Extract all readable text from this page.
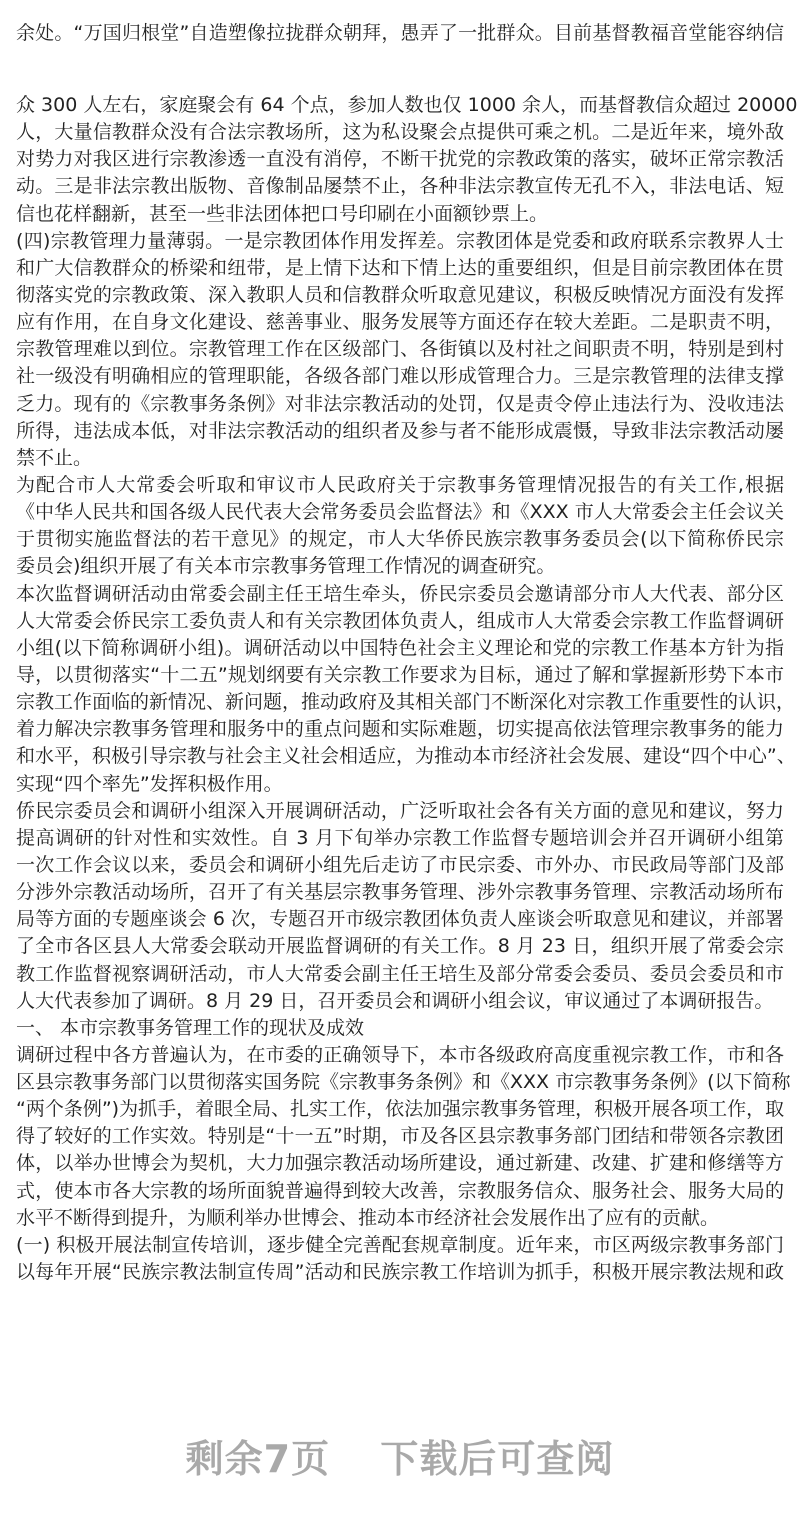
余处。“万国归根堂”自造塑像拉拢群众朝拜，愚弄了一批群众。目前基督教福音堂能容纳信
众 300 人左右，家庭聚会有 64 个点，参加人数也仅 1000 余人，而基督教信众超过 20000
人，大量信教群众没有合法宗教场所，这为私设聚会点提供可乘之机。二是近年来，境外敌
对势力对我区进行宗教渗透一直没有消停，不断干扰党的宗教政策的落实，破坏正常宗教活
动。三是非法宗教出版物、音像制品屡禁不止，各种非法宗教宣传无孔不入，非法电话、短
信也花样翻新，甚至一些非法团体把口号印刷在小面额钞票上。
(四)宗教管理力量薄弱。一是宗教团体作用发挥差。宗教团体是党委和政府联系宗教界人士
和广大信教群众的桥梁和纽带，是上情下达和下情上达的重要组织，但是目前宗教团体在贯
彻落实党的宗教政策、深入教职人员和信教群众听取意见建议，积极反映情况方面没有发挥
应有作用，在自身文化建设、慈善事业、服务发展等方面还存在较大差距。二是职责不明，
宗教管理难以到位。宗教管理工作在区级部门、各街镇以及村社之间职责不明，特别是到村
社一级没有明确相应的管理职能，各级各部门难以形成管理合力。三是宗教管理的法律支撑
乏力。现有的《宗教事务条例》对非法宗教活动的处罚，仅是责令停止违法行为、没收违法
所得，违法成本低，对非法宗教活动的组织者及参与者不能形成震慑，导致非法宗教活动屡
禁不止。
为配合市人大常委会听取和审议市人民政府关于宗教事务管理情况报告的有关工作,根据
《中华人民共和国各级人民代表大会常务委员会监督法》和《XXX 市人大常委会主任会议关
于贯彻实施监督法的若干意见》的规定，市人大华侨民族宗教事务委员会(以下简称侨民宗
委员会)组织开展了有关本市宗教事务管理工作情况的调查研究。
本次监督调研活动由常委会副主任王培生牵头，侨民宗委员会邀请部分市人大代表、部分区
人大常委会侨民宗工委负责人和有关宗教团体负责人，组成市人大常委会宗教工作监督调研
小组(以下简称调研小组)。调研活动以中国特色社会主义理论和党的宗教工作基本方针为指
导，以贯彻落实“十二五”规划纲要有关宗教工作要求为目标，通过了解和掌握新形势下本市
宗教工作面临的新情况、新问题，推动政府及其相关部门不断深化对宗教工作重要性的认识，
着力解决宗教事务管理和服务中的重点问题和实际难题，切实提高依法管理宗教事务的能力
和水平，积极引导宗教与社会主义社会相适应，为推动本市经济社会发展、建设“四个中心”、
实现“四个率先”发挥积极作用。
侨民宗委员会和调研小组深入开展调研活动，广泛听取社会各有关方面的意见和建议，努力
提高调研的针对性和实效性。自 3 月下旬举办宗教工作监督专题培训会并召开调研小组第
一次工作会议以来，委员会和调研小组先后走访了市民宗委、市外办、市民政局等部门及部
分涉外宗教活动场所，召开了有关基层宗教事务管理、涉外宗教事务管理、宗教活动场所布
局等方面的专题座谈会 6 次，专题召开市级宗教团体负责人座谈会听取意见和建议，并部署
了全市各区县人大常委会联动开展监督调研的有关工作。8 月 23 日，组织开展了常委会宗
教工作监督视察调研活动，市人大常委会副主任王培生及部分常委会委员、委员会委员和市
人大代表参加了调研。8 月 29 日，召开委员会和调研小组会议，审议通过了本调研报告。
一、 本市宗教事务管理工作的现状及成效
调研过程中各方普遍认为，在市委的正确领导下，本市各级政府高度重视宗教工作，市和各
区县宗教事务部门以贯彻落实国务院《宗教事务条例》和《XXX 市宗教事务条例》(以下简称
“两个条例”)为抓手，着眼全局、扎实工作，依法加强宗教事务管理，积极开展各项工作，取
得了较好的工作实效。特别是“十一五”时期，市及各区县宗教事务部门团结和带领各宗教团
体，以举办世博会为契机，大力加强宗教活动场所建设，通过新建、改建、扩建和修缮等方
式，使本市各大宗教的场所面貌普遍得到较大改善，宗教服务信众、服务社会、服务大局的
水平不断得到提升，为顺利举办世博会、推动本市经济社会发展作出了应有的贡献。
(一) 积极开展法制宣传培训，逐步健全完善配套规章制度。近年来，市区两级宗教事务部门
以每年开展“民族宗教法制宣传周”活动和民族宗教工作培训为抓手，积极开展宗教法规和政
剩余7页 下载后可查阅
